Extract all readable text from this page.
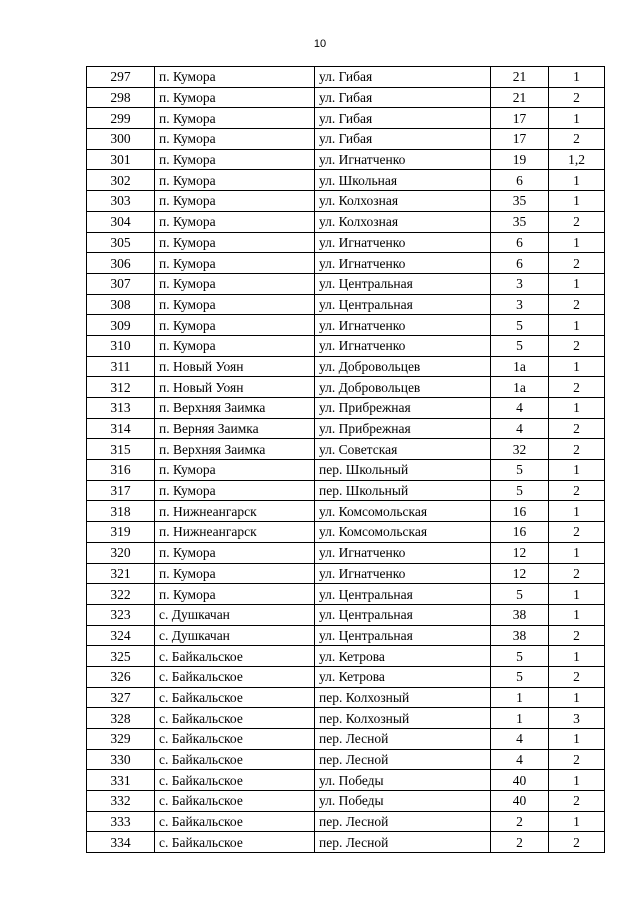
10
297	п. Кумора	ул. Гибая	21	1
298	п. Кумора	ул. Гибая	21	2
299	п. Кумора	ул. Гибая	17	1
300	п. Кумора	ул. Гибая	17	2
301	п. Кумора	ул. Игнатченко	19	1,2
302	п. Кумора	ул. Школьная	6	1
303	п. Кумора	ул. Колхозная	35	1
304	п. Кумора	ул. Колхозная	35	2
305	п. Кумора	ул. Игнатченко	6	1
306	п. Кумора	ул. Игнатченко	6	2
307	п. Кумора	ул. Центральная	3	1
308	п. Кумора	ул. Центральная	3	2
309	п. Кумора	ул. Игнатченко	5	1
310	п. Кумора	ул. Игнатченко	5	2
311	п. Новый Уоян	ул. Добровольцев	1а	1
312	п. Новый Уоян	ул. Добровольцев	1а	2
313	п. Верхняя Заимка	ул. Прибрежная	4	1
314	п. Верняя Заимка	ул. Прибрежная	4	2
315	п. Верхняя Заимка	ул. Советская	32	2
316	п. Кумора	пер. Школьный	5	1
317	п. Кумора	пер. Школьный	5	2
318	п. Нижнеангарск	ул. Комсомольская	16	1
319	п. Нижнеангарск	ул. Комсомольская	16	2
320	п. Кумора	ул. Игнатченко	12	1
321	п. Кумора	ул. Игнатченко	12	2
322	п. Кумора	ул. Центральная	5	1
323	с. Душкачан	ул. Центральная	38	1
324	с. Душкачан	ул. Центральная	38	2
325	с. Байкальское	ул. Кетрова	5	1
326	с. Байкальское	ул. Кетрова	5	2
327	с. Байкальское	пер. Колхозный	1	1
328	с. Байкальское	пер. Колхозный	1	3
329	с. Байкальское	пер. Лесной	4	1
330	с. Байкальское	пер. Лесной	4	2
331	с. Байкальское	ул. Победы	40	1
332	с. Байкальское	ул. Победы	40	2
333	с. Байкальское	пер. Лесной	2	1
334	с. Байкальское	пер. Лесной	2	2
